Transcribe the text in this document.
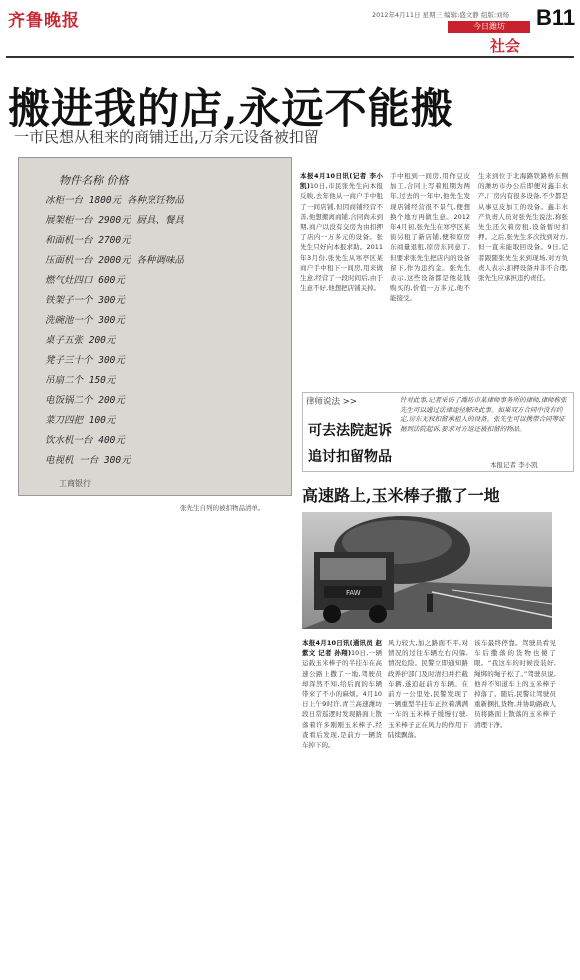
齐鲁晚报	2012年4月11日 星期三 编辑:盛文静 组版:刘炀 B11
今日潍坊
社会
搬进我的店,永远不能搬
一市民想从租来的商铺迁出,万余元设备被扣留
物件名称 价格
冰柜一台 1800元 各种烹饪物品
展架柜一台 2900元 厨具、餐具
和面机一台 2700元
压面机一台 2000元 各种调味品
燃气灶四口 600元
铁架子一个 300元
洗碗池一个 300元
桌子五张 200元
凳子三十个 300元
吊扇二个 150元
电饭锅二个 200元
菜刀四把 100元
饮水机一台 400元
电视机 一台 300元
工商银行
张先生自列的被扣物品清单。
本报4月10日讯(记者 李小凯)10日,市民张先生向本报反映,去年他从一商户手中租了一间店铺,但因商铺经营不善,他想搬离商铺,合同尚未到期,商户以没有交房为由扣押了店内一万多元的设备。张先生只好向本报求助。2011年3月份,张先生从寒亭区某商户手中租下一间房,用来做生意,经营了一段时间后,由于生意不好,他想把店铺关掉。
手中租到一间房,用作豆皮加工,合同上写着租期为两年,过去的一年中,他先生发现店铺经营很不景气,便想换个地方再做生意。2012年4月初,张先生在寒亭区某街另租了新店铺,便和原房东商量退租,原房东同意了,但要求张先生把店内的设备留下,作为违约金。张先生表示,这些设备都是他花钱购买的,价值一万多元,他不能接受。
生来到位于北海路铁路桥东侧的潍坊市办公后即便对鑫丰水产,厂房内有很多设备,不少都是从事豆皮加工的设备。鑫丰水产负责人员对张先生说法,称张先生还欠着房租,设备暂时扣押。之后,张先生多次找到对方,但一直未能取回设备。9日,记者跟随张先生来到现场,对方负责人表示,扣押设备并非不合理,张先生应承担违约责任。
律师说法 >>
可去法院起诉
追讨扣留物品
针对此事,记者采访了潍坊市某律师事务所的律师,律师称张先生可以通过法律途径解决此事。如果双方合同中没有约定,房东无权扣留承租人的设备。张先生可以携带合同等证据到法院起诉,要求对方返还被扣留的物品。
本报记者 李小凯
高速路上,玉米棒子撒了一地
FAW
本报4月10日讯(通讯员 赵紫文 记者 孙翔)10日,一辆运载玉米棒子的半挂车在高速公路上撒了一地,驾驶员却浑然不知,给后面的车辆带来了不小的麻烦。4月10日上午9时许,青兰高速潍坊段日常巡逻时发现路面上散落着许多刚刚玉米棒子,经查看后发现,是前方一辆货车掉下的。
风力较大,加之路面不平,对情况的过往车辆左右闪躲,情况危险。民警立即通知路政养护部门及时清扫并拦截车辆,遂追赶前方车辆。在前方一公里处,民警发现了一辆重型半挂车正拉着满满一车的玉米棒子缓慢行驶,玉米棒子正在风力的作用下陆续飘落。
该车最终停靠。驾驶员看见车后撒落的货物也傻了眼。“我这车的时候没装好,绳绑的绳子松了。”驾驶员说,他并不知道车上的玉米棒子掉落了。随后,民警让驾驶员重新捆扎货物,并协助路政人员将路面上散落的玉米棒子清理干净。
